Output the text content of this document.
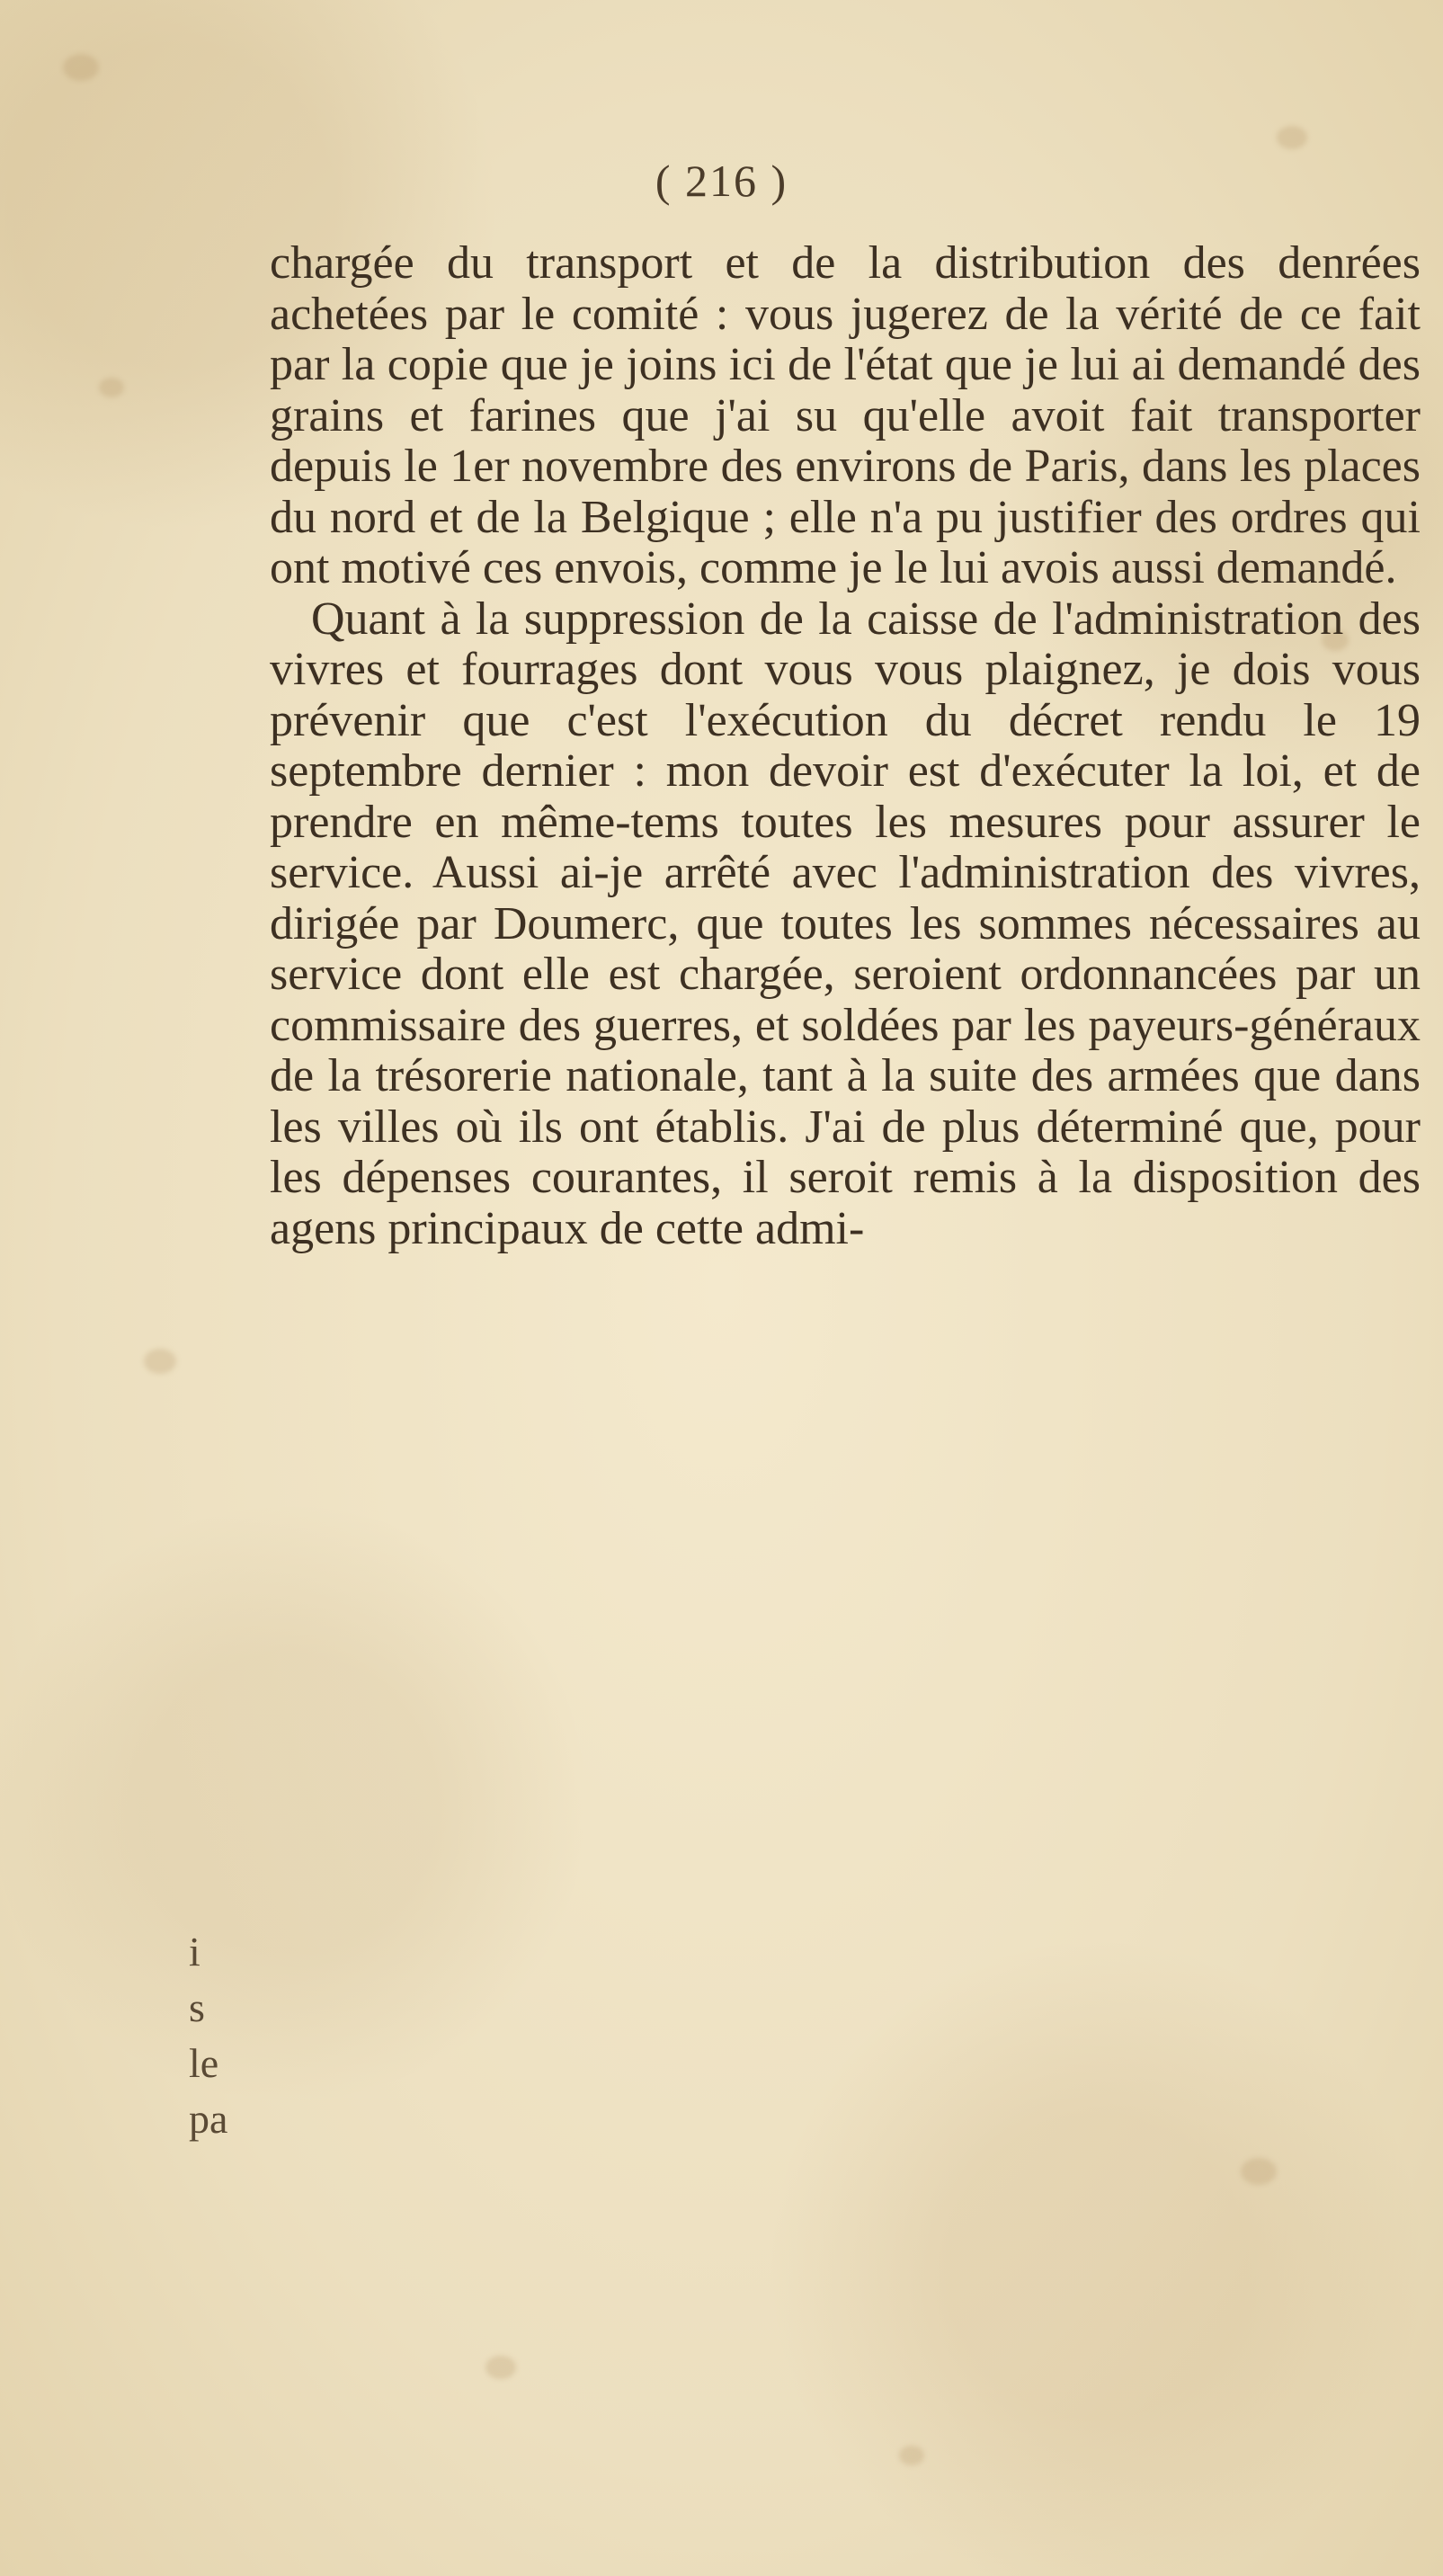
( 216 )

chargée du transport et de la distribution des denrées achetées par le comité : vous jugerez de la vérité de ce fait par la copie que je joins ici de l'état que je lui ai demandé des grains et farines que j'ai su qu'elle avoit fait transporter depuis le 1er novembre des environs de Paris, dans les places du nord et de la Belgique ; elle n'a pu justifier des ordres qui ont motivé ces envois, comme je le lui avois aussi demandé.

Quant à la suppression de la caisse de l'administration des vivres et fourrages dont vous vous plaignez, je dois vous prévenir que c'est l'exécution du décret rendu le 19 septembre dernier : mon devoir est d'exécuter la loi, et de prendre en même-tems toutes les mesures pour assurer le service. Aussi ai-je arrêté avec l'administration des vivres, dirigée par Doumerc, que toutes les sommes nécessaires au service dont elle est chargée, seroient ordonnancées par un commissaire des guerres, et soldées par les payeurs-généraux de la trésorerie nationale, tant à la suite des armées que dans les villes où ils ont établis. J'ai de plus déterminé que, pour les dépenses courantes, il seroit remis à la disposition des agens principaux de cette admi-

i
s
le
pa
